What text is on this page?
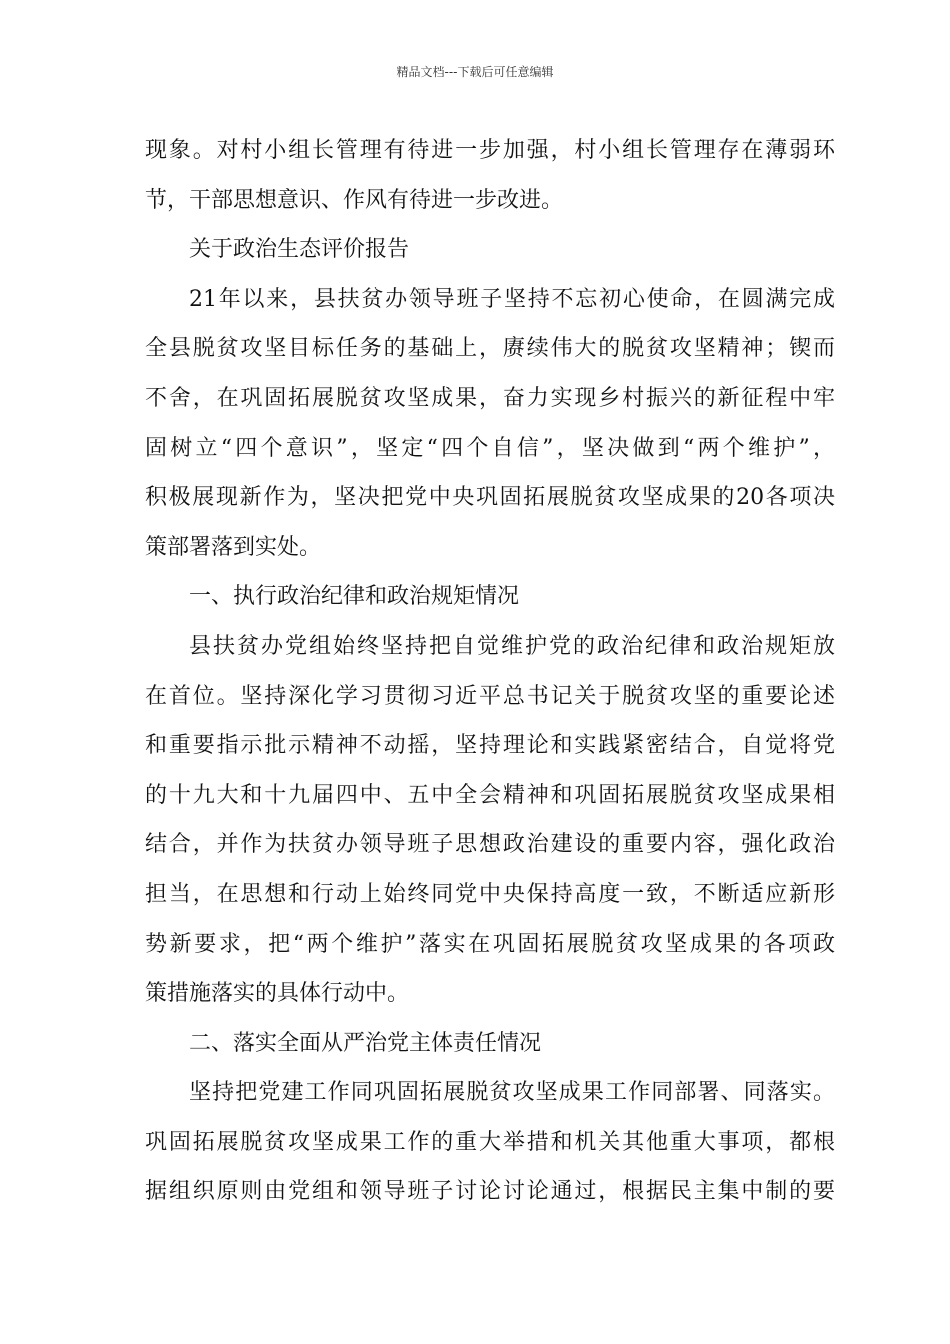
精品文档---下载后可任意编辑
现象。对村小组长管理有待进一步加强，村小组长管理存在薄弱环
节，干部思想意识、作风有待进一步改进。
关于政治生态评价报告
21年以来，县扶贫办领导班子坚持不忘初心使命，在圆满完成
全县脱贫攻坚目标任务的基础上，赓续伟大的脱贫攻坚精神；锲而
不舍，在巩固拓展脱贫攻坚成果，奋力实现乡村振兴的新征程中牢
固树立“四个意识”，坚定“四个自信”，坚决做到“两个维护”，
积极展现新作为，坚决把党中央巩固拓展脱贫攻坚成果的20各项决
策部署落到实处。
一、执行政治纪律和政治规矩情况
县扶贫办党组始终坚持把自觉维护党的政治纪律和政治规矩放
在首位。坚持深化学习贯彻习近平总书记关于脱贫攻坚的重要论述
和重要指示批示精神不动摇，坚持理论和实践紧密结合，自觉将党
的十九大和十九届四中、五中全会精神和巩固拓展脱贫攻坚成果相
结合，并作为扶贫办领导班子思想政治建设的重要内容，强化政治
担当，在思想和行动上始终同党中央保持高度一致，不断适应新形
势新要求，把“两个维护”落实在巩固拓展脱贫攻坚成果的各项政
策措施落实的具体行动中。
二、落实全面从严治党主体责任情况
坚持把党建工作同巩固拓展脱贫攻坚成果工作同部署、同落实。
巩固拓展脱贫攻坚成果工作的重大举措和机关其他重大事项，都根
据组织原则由党组和领导班子讨论讨论通过，根据民主集中制的要
